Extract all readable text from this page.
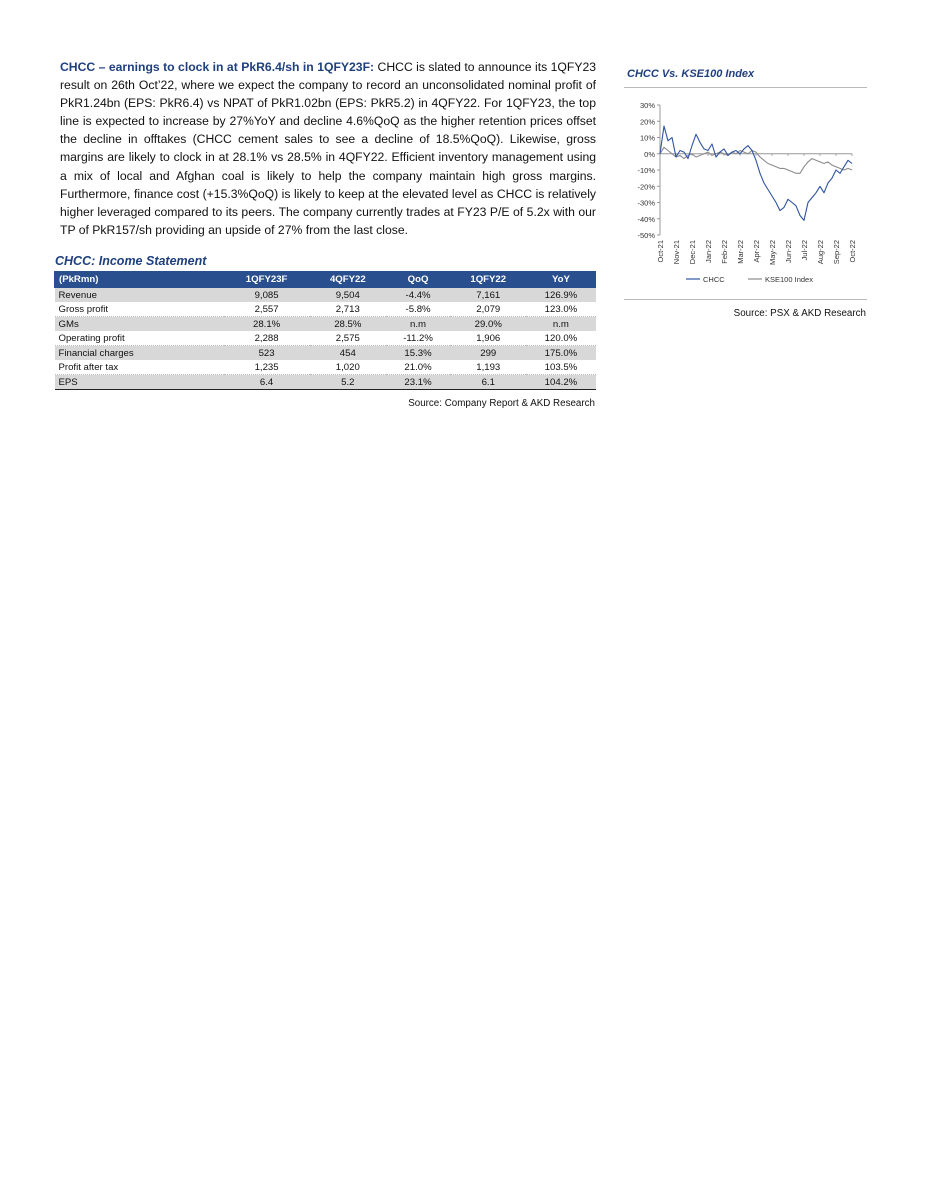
CHCC – earnings to clock in at PkR6.4/sh in 1QFY23F: CHCC is slated to announce its 1QFY23 result on 26th Oct’22, where we expect the company to record an unconsolidated nominal profit of PkR1.24bn (EPS: PkR6.4) vs NPAT of PkR1.02bn (EPS: PkR5.2) in 4QFY22. For 1QFY23, the top line is expected to increase by 27%YoY and decline 4.6%QoQ as the higher retention prices offset the decline in offtakes (CHCC cement sales to see a decline of 18.5%QoQ). Likewise, gross margins are likely to clock in at 28.1% vs 28.5% in 4QFY22. Efficient inventory management using a mix of local and Afghan coal is likely to help the company maintain high gross margins. Furthermore, finance cost (+15.3%QoQ) is likely to keep at the elevated level as CHCC is relatively higher leveraged compared to its peers. The company currently trades at FY23 P/E of 5.2x with our TP of PkR157/sh providing an upside of 27% from the last close.

CHCC: Income Statement
(PkRmn)	1QFY23F	4QFY22	QoQ	1QFY22	YoY
Revenue	9,085	9,504	-4.4%	7,161	126.9%
Gross profit	2,557	2,713	-5.8%	2,079	123.0%
GMs	28.1%	28.5%	n.m	29.0%	n.m
Operating profit	2,288	2,575	-11.2%	1,906	120.0%
Financial charges	523	454	15.3%	299	175.0%
Profit after tax	1,235	1,020	21.0%	1,193	103.5%
EPS	6.4	5.2	23.1%	6.1	104.2%
Source: Company Report & AKD Research
CHCC Vs. KSE100 Index
30%
20%
10%
0%
-10%
-20%
-30%
-40%
-50%
Oct-21 Nov-21 Dec-21 Jan-22 Feb-22 Mar-22 Apr-22 May-22 Jun-22 Jul-22 Aug-22 Sep-22 Oct-22
CHCC	KSE100 Index
Source: PSX & AKD Research
